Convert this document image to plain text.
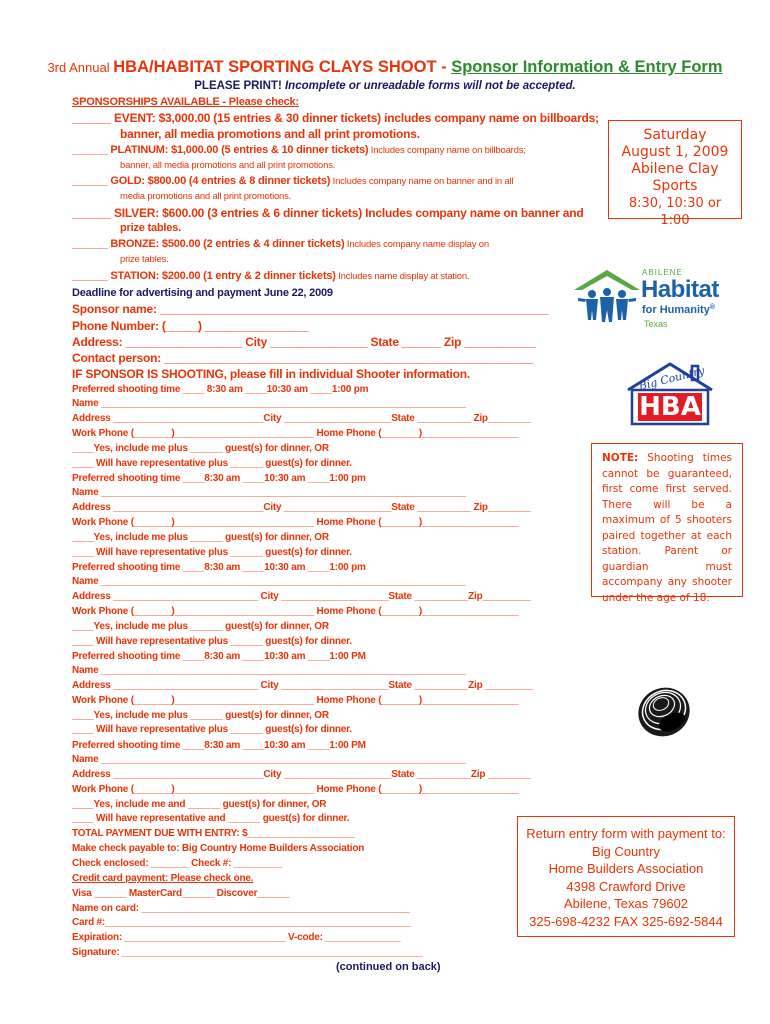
3rd Annual HBA/HABITAT SPORTING CLAYS SHOOT - Sponsor Information & Entry Form
PLEASE PRINT! Incomplete or unreadable forms will not be accepted.
SPONSORSHIPS AVAILABLE - Please check:
______ EVENT: $3,000.00 (15 entries & 30 dinner tickets) includes company name on billboards;
banner, all media promotions and all print promotions.
______ PLATINUM: $1,000.00 (5 entries & 10 dinner tickets) Includes company name on billboards;
banner, all media promotions and all print promotions.
______ GOLD: $800.00 (4 entries & 8 dinner tickets) Includes company name on banner and in all
media promotions and all print promotions.
______ SILVER: $600.00 (3 entries & 6 dinner tickets) Includes company name on banner and
prize tables.
______ BRONZE: $500.00 (2 entries & 4 dinner tickets) Includes company name display on
prize tables.
______ STATION: $200.00 (1 entry & 2 dinner tickets) Includes name display at station.
Deadline for advertising and payment June 22, 2009
Sponsor name: ____________________________________________________________
Phone Number: (_____) ________________
Address: __________________ City _______________ State ______ Zip ___________
Contact person: _________________________________________________________
IF SPONSOR IS SHOOTING, please fill in individual Shooter information.
Preferred shooting time ____ 8:30 am ____10:30 am ____1:00 pm
Name ____________________________________________________________________
Address ____________________________City ____________________State __________ Zip________
Work Phone (_______)__________________________ Home Phone (_______)__________________
____Yes, include me plus ______ guest(s) for dinner, OR
____ Will have representative plus ______ guest(s) for dinner.
Preferred shooting time ____8:30 am ____10:30 am ____1:00 pm
Name ____________________________________________________________________
Address ____________________________City ____________________State __________ Zip________
Work Phone (_______)__________________________ Home Phone (_______)__________________
____Yes, include me plus ______ guest(s) for dinner, OR
____ Will have representative plus ______ guest(s) for dinner.
Preferred shooting time ____8:30 am ____10:30 am ____1:00 pm
Name ____________________________________________________________________
Address ___________________________ City ____________________State __________Zip_________
Work Phone (_______)__________________________ Home Phone (_______)__________________
____Yes, include me plus ______ guest(s) for dinner, OR
____ Will have representative plus ______ guest(s) for dinner.
Preferred shooting time ____8:30 am ____10:30 am ____1:00 PM
Name ____________________________________________________________________
Address ___________________________ City ____________________State __________Zip _________
Work Phone (_______)__________________________ Home Phone (_______)__________________
____Yes, include me plus ______ guest(s) for dinner, OR
____ Will have representative plus ______ guest(s) for dinner.
Preferred shooting time ____8:30 am ____10:30 am ____1:00 PM
Name ____________________________________________________________________
Address ____________________________City ____________________State __________Zip ________
Work Phone (_______)__________________________ Home Phone (_______)__________________
____Yes, include me and ______ guest(s) for dinner, OR
____ Will have representative and ______ guest(s) for dinner.
TOTAL PAYMENT DUE WITH ENTRY: $____________________
Make check payable to: Big Country Home Builders Association
Check enclosed: _______ Check #: _________
Credit card payment: Please check one.
Visa ______ MasterCard______ Discover______
Name on card: __________________________________________________
Card #:_________________________________________________________
Expiration: ______________________________ V-code: ______________
Signature: ________________________________________________________
(continued on back)
Saturday
August 1, 2009
Abilene Clay
Sports
8:30, 10:30 or
1:00
ABILENE
Habitat
for Humanity®
Texas
Big Country
HBA
NOTE: Shooting times cannot be guaranteed, first come first served. There will be a maximum of 5 shooters paired together at each station. Parent or guardian must accompany any shooter under the age of 18.
Return entry form with payment to:
Big Country
Home Builders Association
4398 Crawford Drive
Abilene, Texas 79602
325-698-4232 FAX 325-692-5844
